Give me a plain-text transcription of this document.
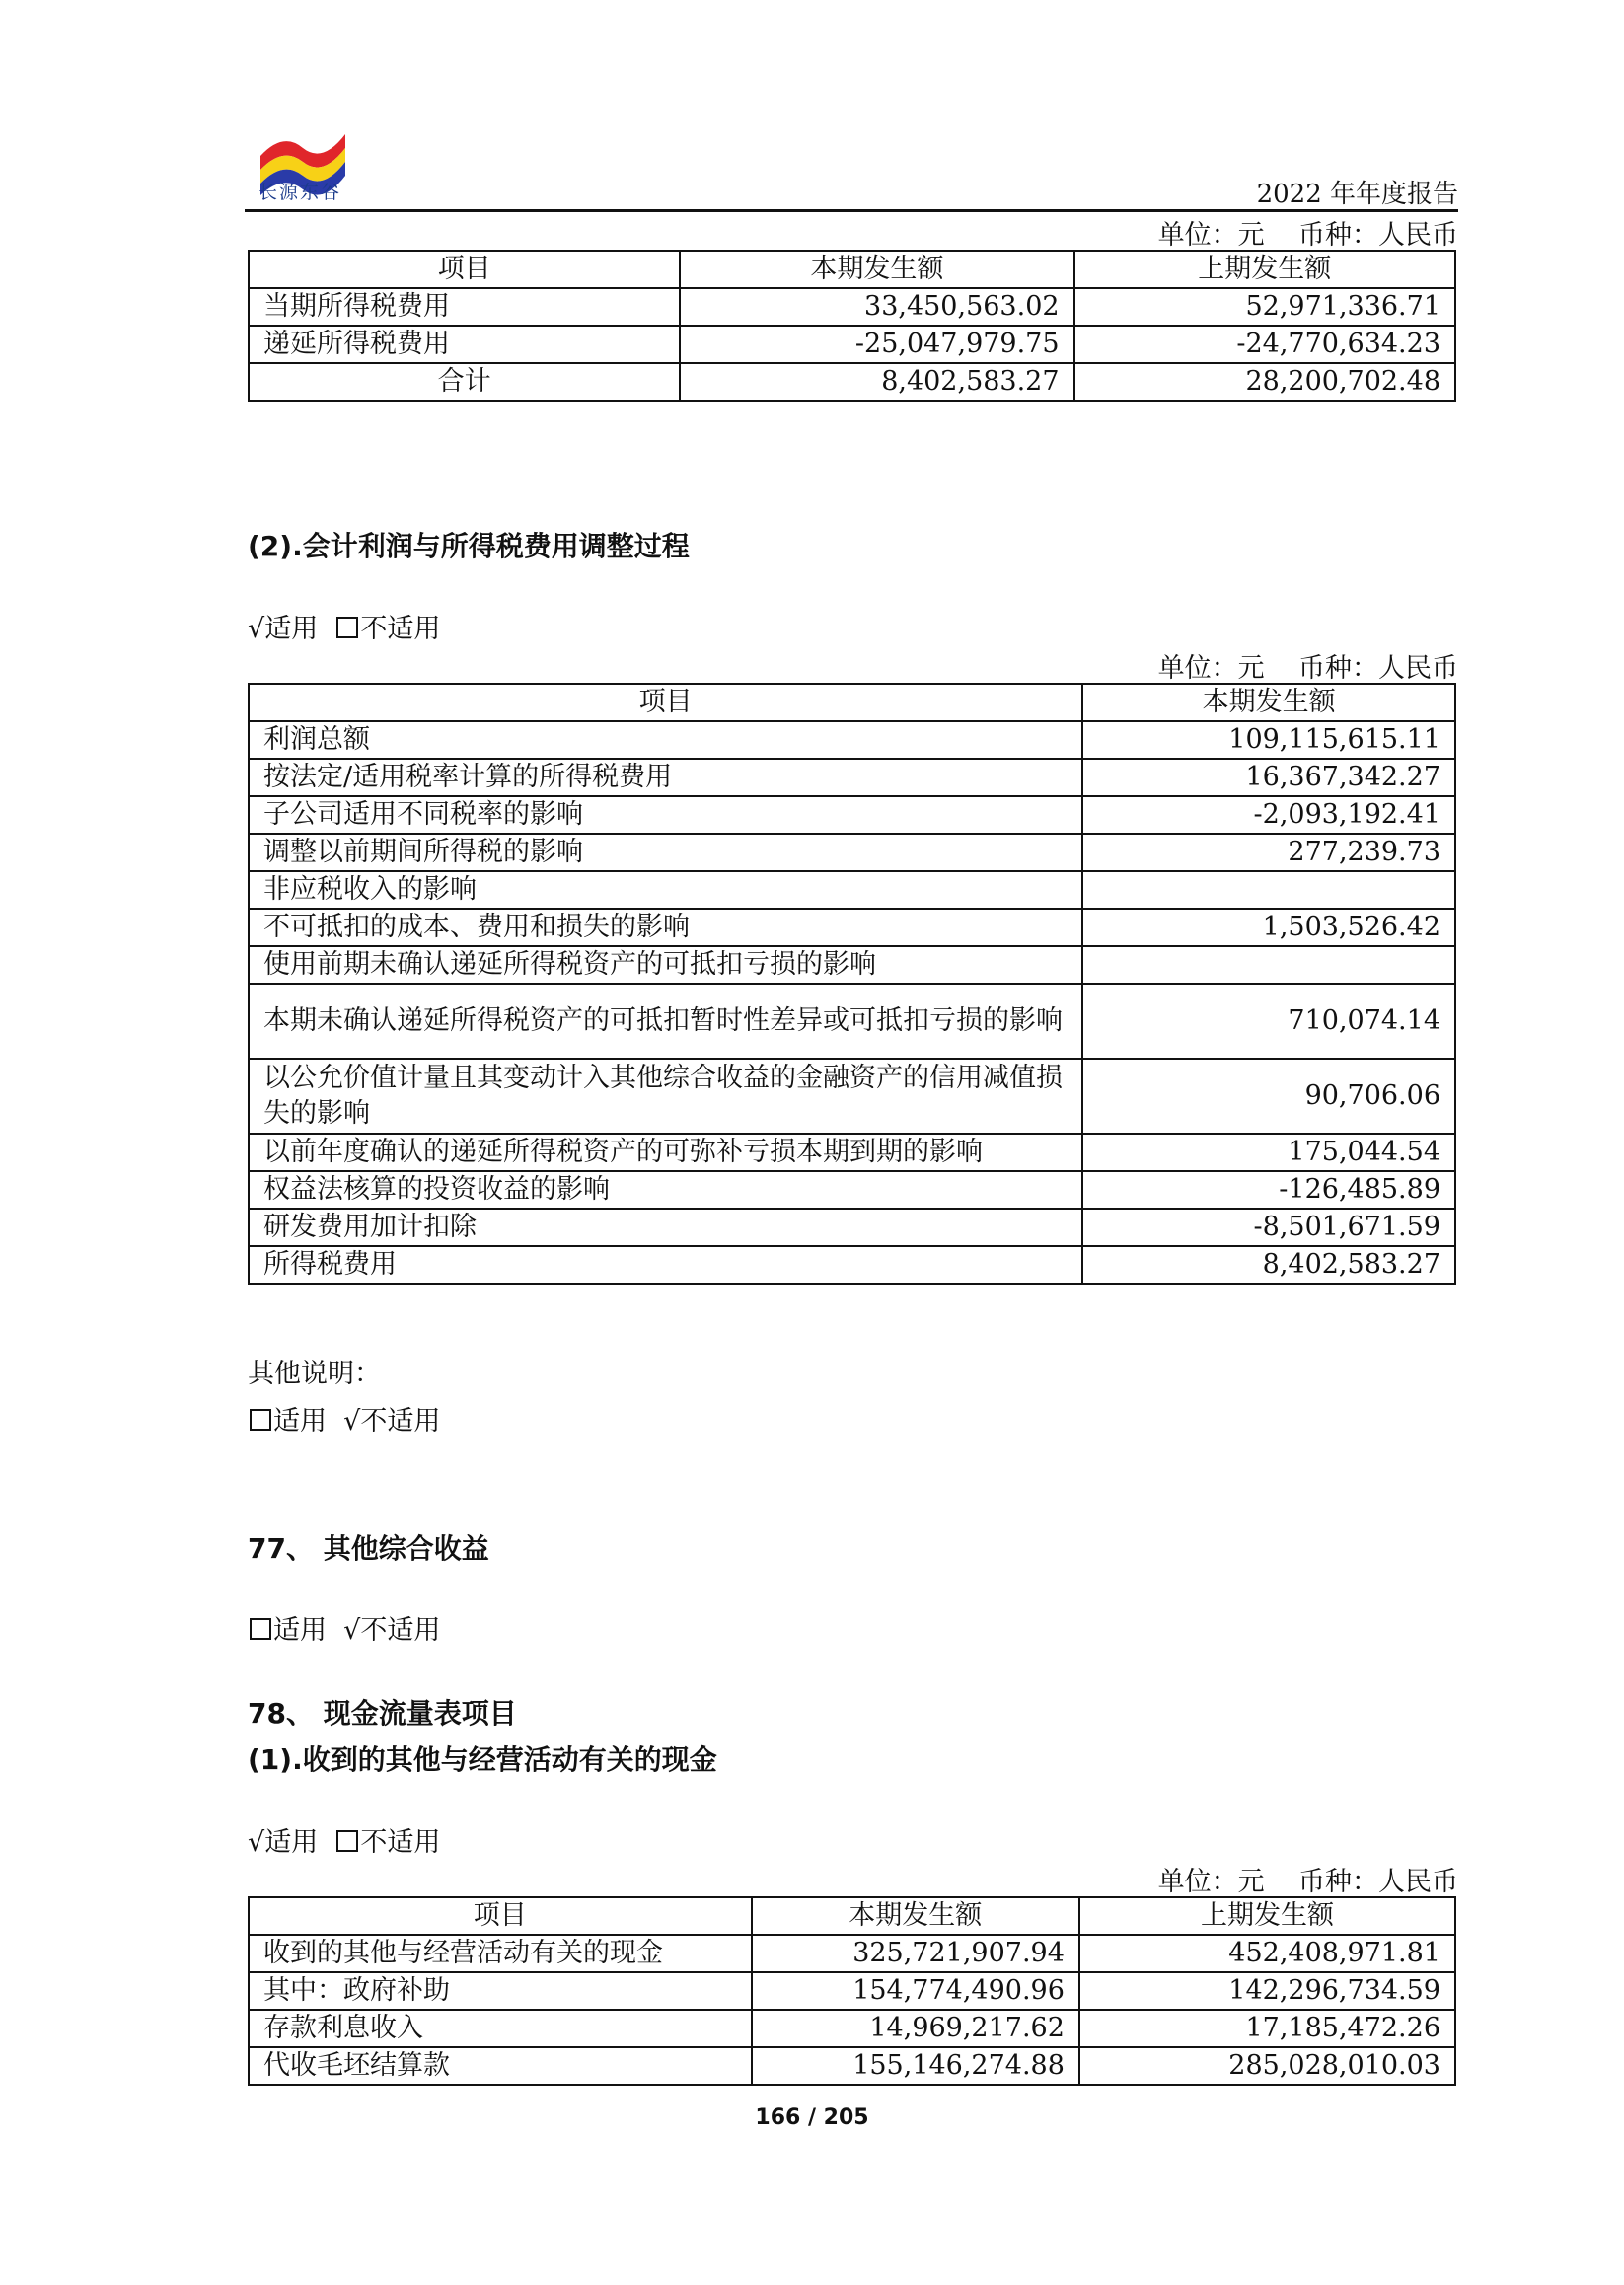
长源东谷	2022 年年度报告
单位：元    币种：人民币
项目	本期发生额	上期发生额
当期所得税费用	33,450,563.02	52,971,336.71
递延所得税费用	-25,047,979.75	-24,770,634.23
合计	8,402,583.27	28,200,702.48
(2).会计利润与所得税费用调整过程
√适用 不适用
单位：元    币种：人民币
项目	本期发生额
利润总额	109,115,615.11
按法定/适用税率计算的所得税费用	16,367,342.27
子公司适用不同税率的影响	-2,093,192.41
调整以前期间所得税的影响	277,239.73
非应税收入的影响	
不可抵扣的成本、费用和损失的影响	1,503,526.42
使用前期未确认递延所得税资产的可抵扣亏损的影响	
本期未确认递延所得税资产的可抵扣暂时性差异或可抵扣亏损的影响	710,074.14
以公允价值计量且其变动计入其他综合收益的金融资产的信用减值损失的影响	90,706.06
以前年度确认的递延所得税资产的可弥补亏损本期到期的影响	175,044.54
权益法核算的投资收益的影响	-126,485.89
研发费用加计扣除	-8,501,671.59
所得税费用	8,402,583.27
其他说明：
适用 √不适用
77、 其他综合收益
适用 √不适用
78、 现金流量表项目
(1).收到的其他与经营活动有关的现金
√适用 不适用
单位：元    币种：人民币
项目	本期发生额	上期发生额
收到的其他与经营活动有关的现金	325,721,907.94	452,408,971.81
其中：政府补助	154,774,490.96	142,296,734.59
存款利息收入	14,969,217.62	17,185,472.26
代收毛坯结算款	155,146,274.88	285,028,010.03
166 / 205
